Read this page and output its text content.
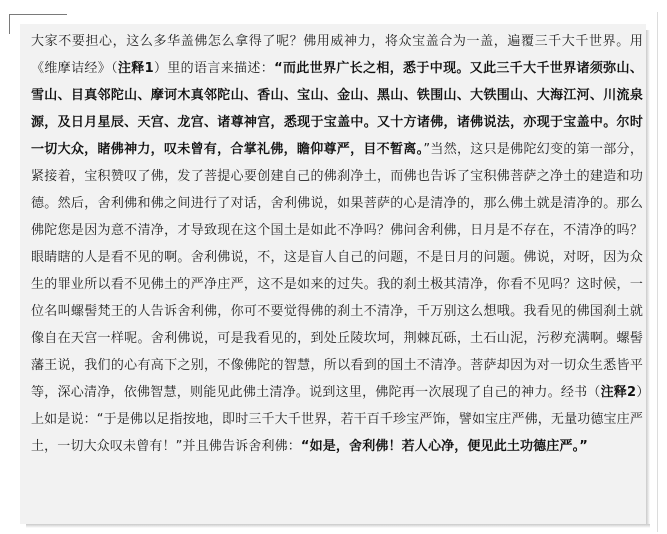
大家不要担心，这么多华盖佛怎么拿得了呢？佛用威神力，将众宝盖合为一盖，遍覆三千大千世界。用《维摩诘经》（注释1）里的语言来描述：“而此世界广长之相，悉于中现。又此三千大千世界诸须弥山、雪山、目真邻陀山、摩诃木真邻陀山、香山、宝山、金山、黑山、铁围山、大铁围山、大海江河、川流泉源，及日月星辰、天宫、龙宫、诸尊神宫，悉现于宝盖中。又十方诸佛，诸佛说法，亦现于宝盖中。尔时一切大众，睹佛神力，叹未曾有，合掌礼佛，瞻仰尊严，目不暂离。”当然，这只是佛陀幻变的第一部分，紧接着，宝积赞叹了佛，发了菩提心要创建自己的佛刹净土，而佛也告诉了宝积佛菩萨之净土的建造和功德。然后，舍利佛和佛之间进行了对话，舍利佛说，如果菩萨的心是清净的，那么佛土就是清净的。那么佛陀您是因为意不清净，才导致现在这个国土是如此不净吗？佛问舍利佛，日月是不存在，不清净的吗？眼睛瞎的人是看不见的啊。舍利佛说，不，这是盲人自己的问题，不是日月的问题。佛说，对呀，因为众生的罪业所以看不见佛土的严净庄严，这不是如来的过失。我的刹土极其清净，你看不见吗？这时候，一位名叫螺髻梵王的人告诉舍利佛，你可不要觉得佛的刹土不清净，千万别这么想哦。我看见的佛国刹土就像自在天宫一样呢。舍利佛说，可是我看见的，到处丘陵坎坷，荆棘瓦砾，土石山泥，污秽充满啊。螺髻藩王说，我们的心有高下之别，不像佛陀的智慧，所以看到的国土不清净。菩萨却因为对一切众生悉皆平等，深心清净，依佛智慧，则能见此佛土清净。说到这里，佛陀再一次展现了自己的神力。经书（注释2）上如是说：“于是佛以足指按地，即时三千大千世界，若干百千珍宝严饰，譬如宝庄严佛，无量功德宝庄严土，一切大众叹未曾有！”并且佛告诉舍利佛：“如是，舍利佛！若人心净，便见此土功德庄严。”
